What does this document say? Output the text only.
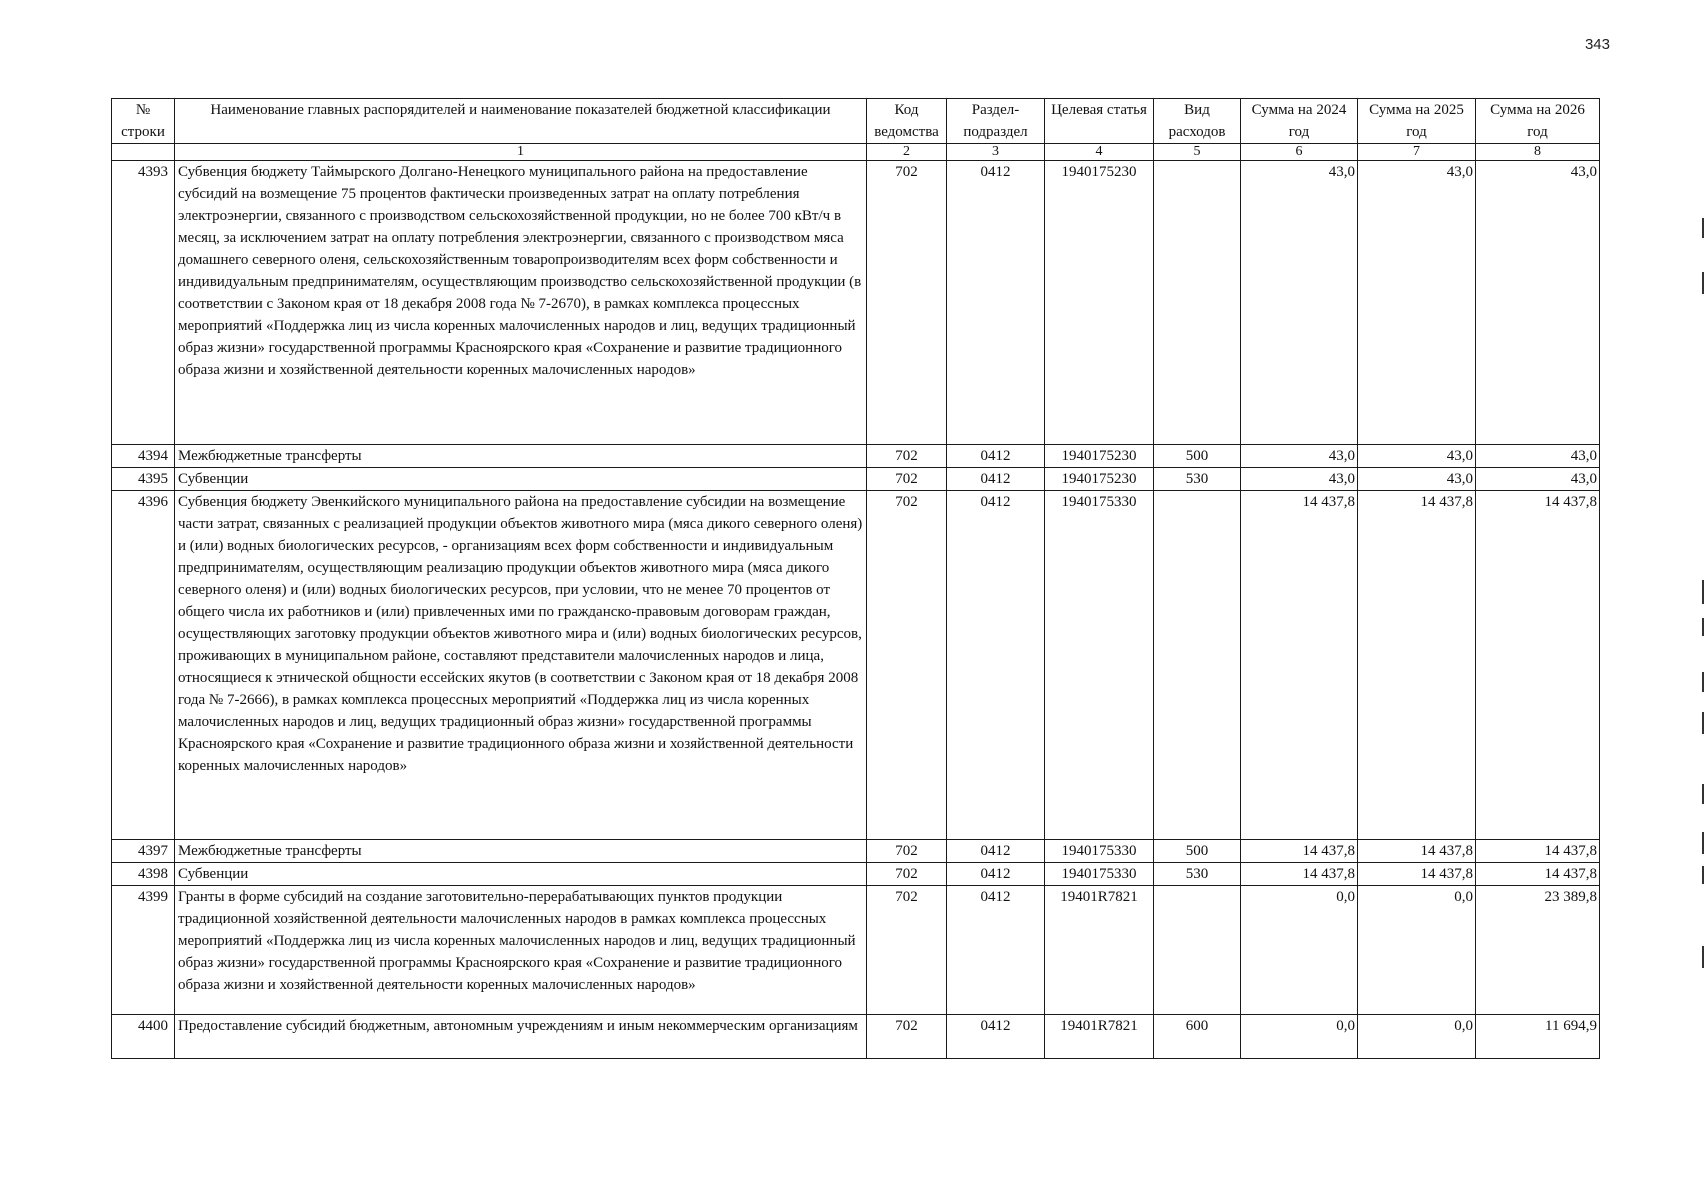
343
№ строки	Наименование главных распорядителей и наименование показателей бюджетной классификации	Код ведомства	Раздел-подраздел	Целевая статья	Вид расходов	Сумма на 2024 год	Сумма на 2025 год	Сумма на 2026 год
	1	2	3	4	5	6	7	8
4393	Субвенция бюджету Таймырского Долгано-Ненецкого муниципального района на предоставление субсидий на возмещение 75 процентов фактически произведенных затрат на оплату потребления электроэнергии, связанного с производством сельскохозяйственной продукции, но не более 700 кВт/ч в месяц, за исключением затрат на оплату потребления электроэнергии, связанного с производством мяса домашнего северного оленя, сельскохозяйственным товаропроизводителям всех форм собственности и индивидуальным предпринимателям, осуществляющим производство сельскохозяйственной продукции (в соответствии с Законом края от 18 декабря 2008 года № 7-2670), в рамках комплекса процессных мероприятий «Поддержка лиц из числа коренных малочисленных народов и лиц, ведущих традиционный образ жизни» государственной программы Красноярского края «Сохранение и развитие традиционного образа жизни и хозяйственной деятельности коренных малочисленных народов»	702	0412	1940175230		43,0	43,0	43,0
4394	Межбюджетные трансферты	702	0412	1940175230	500	43,0	43,0	43,0
4395	Субвенции	702	0412	1940175230	530	43,0	43,0	43,0
4396	Субвенция бюджету Эвенкийского муниципального района на предоставление субсидии на возмещение части затрат, связанных с реализацией продукции объектов животного мира (мяса дикого северного оленя) и (или) водных биологических ресурсов, - организациям всех форм собственности и индивидуальным предпринимателям, осуществляющим реализацию продукции объектов животного мира (мяса дикого северного оленя) и (или) водных биологических ресурсов, при условии, что не менее 70 процентов от общего числа их работников и (или) привлеченных ими по гражданско-правовым договорам граждан, осуществляющих заготовку продукции объектов животного мира и (или) водных биологических ресурсов, проживающих в муниципальном районе, составляют представители малочисленных народов и лица, относящиеся к этнической общности ессейских якутов (в соответствии с Законом края от 18 декабря 2008 года № 7-2666), в рамках комплекса процессных мероприятий «Поддержка лиц из числа коренных малочисленных народов и лиц, ведущих традиционный образ жизни» государственной программы Красноярского края «Сохранение и развитие традиционного образа жизни и хозяйственной деятельности коренных малочисленных народов»	702	0412	1940175330		14 437,8	14 437,8	14 437,8
4397	Межбюджетные трансферты	702	0412	1940175330	500	14 437,8	14 437,8	14 437,8
4398	Субвенции	702	0412	1940175330	530	14 437,8	14 437,8	14 437,8
4399	Гранты в форме субсидий на создание заготовительно-перерабатывающих пунктов продукции традиционной хозяйственной деятельности малочисленных народов в рамках комплекса процессных мероприятий «Поддержка лиц из числа коренных малочисленных народов и лиц, ведущих традиционный образ жизни» государственной программы Красноярского края «Сохранение и развитие традиционного образа жизни и хозяйственной деятельности коренных малочисленных народов»	702	0412	19401R7821		0,0	0,0	23 389,8
4400	Предоставление субсидий бюджетным, автономным учреждениям и иным некоммерческим организациям	702	0412	19401R7821	600	0,0	0,0	11 694,9
